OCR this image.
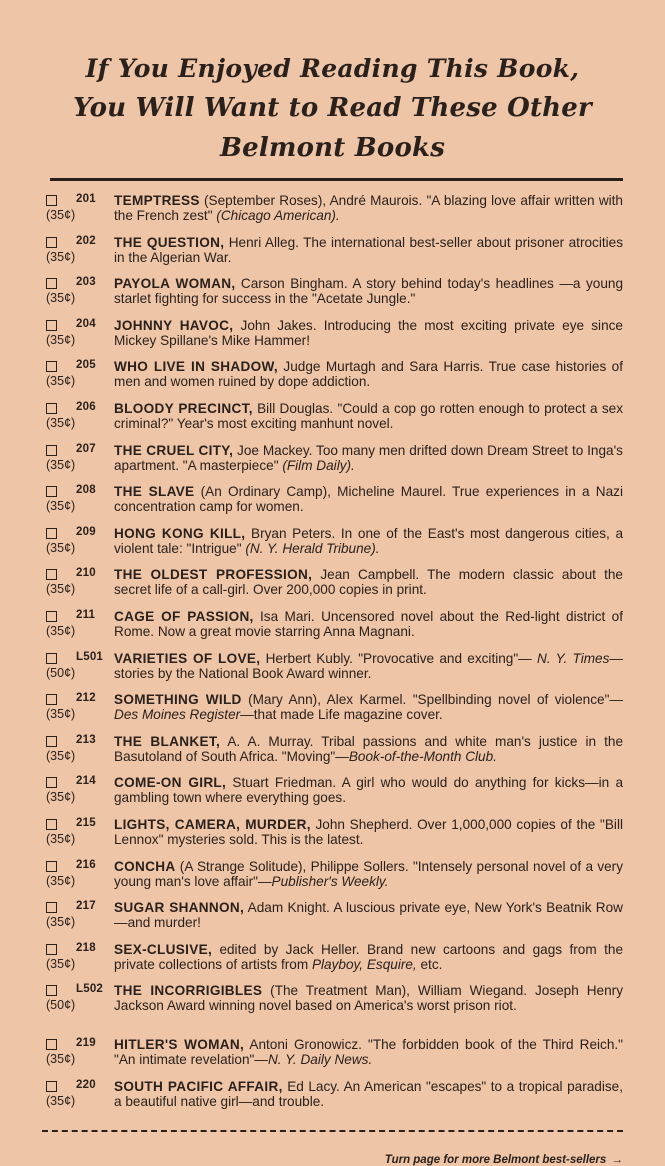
If You Enjoyed Reading This Book,
You Will Want to Read These Other Belmont Books
201
(35¢)
TEMPTRESS (September Roses), André Maurois. "A blazing love affair written with the French zest" (Chicago American).
202
(35¢)
THE QUESTION, Henri Alleg. The international best-seller about prisoner atrocities in the Algerian War.
203
(35¢)
PAYOLA WOMAN, Carson Bingham. A story behind today's headlines —a young starlet fighting for success in the "Acetate Jungle."
204
(35¢)
JOHNNY HAVOC, John Jakes. Introducing the most exciting private eye since Mickey Spillane's Mike Hammer!
205
(35¢)
WHO LIVE IN SHADOW, Judge Murtagh and Sara Harris. True case histories of men and women ruined by dope addiction.
206
(35¢)
BLOODY PRECINCT, Bill Douglas. "Could a cop go rotten enough to protect a sex criminal?" Year's most exciting manhunt novel.
207
(35¢)
THE CRUEL CITY, Joe Mackey. Too many men drifted down Dream Street to Inga's apartment. "A masterpiece" (Film Daily).
208
(35¢)
THE SLAVE (An Ordinary Camp), Micheline Maurel. True experiences in a Nazi concentration camp for women.
209
(35¢)
HONG KONG KILL, Bryan Peters. In one of the East's most dangerous cities, a violent tale: "Intrigue" (N. Y. Herald Tribune).
210
(35¢)
THE OLDEST PROFESSION, Jean Campbell. The modern classic about the secret life of a call-girl. Over 200,000 copies in print.
211
(35¢)
CAGE OF PASSION, Isa Mari. Uncensored novel about the Red-light district of Rome. Now a great movie starring Anna Magnani.
L501
(50¢)
VARIETIES OF LOVE, Herbert Kubly. "Provocative and exciting"— N. Y. Times—stories by the National Book Award winner.
212
(35¢)
SOMETHING WILD (Mary Ann), Alex Karmel. "Spellbinding novel of violence"—Des Moines Register—that made Life magazine cover.
213
(35¢)
THE BLANKET, A. A. Murray. Tribal passions and white man's justice in the Basutoland of South Africa. "Moving"—Book-of-the-Month Club.
214
(35¢)
COME-ON GIRL, Stuart Friedman. A girl who would do anything for kicks—in a gambling town where everything goes.
215
(35¢)
LIGHTS, CAMERA, MURDER, John Shepherd. Over 1,000,000 copies of the "Bill Lennox" mysteries sold. This is the latest.
216
(35¢)
CONCHA (A Strange Solitude), Philippe Sollers. "Intensely personal novel of a very young man's love affair"—Publisher's Weekly.
217
(35¢)
SUGAR SHANNON, Adam Knight. A luscious private eye, New York's Beatnik Row—and murder!
218
(35¢)
SEX-CLUSIVE, edited by Jack Heller. Brand new cartoons and gags from the private collections of artists from Playboy, Esquire, etc.
L502
(50¢)
THE INCORRIGIBLES (The Treatment Man), William Wiegand. Joseph Henry Jackson Award winning novel based on America's worst prison riot.
219
(35¢)
HITLER'S WOMAN, Antoni Gronowicz. "The forbidden book of the Third Reich." "An intimate revelation"—N. Y. Daily News.
220
(35¢)
SOUTH PACIFIC AFFAIR, Ed Lacy. An American "escapes" to a tropical paradise, a beautiful native girl—and trouble.
Turn page for more Belmont best-sellers →
